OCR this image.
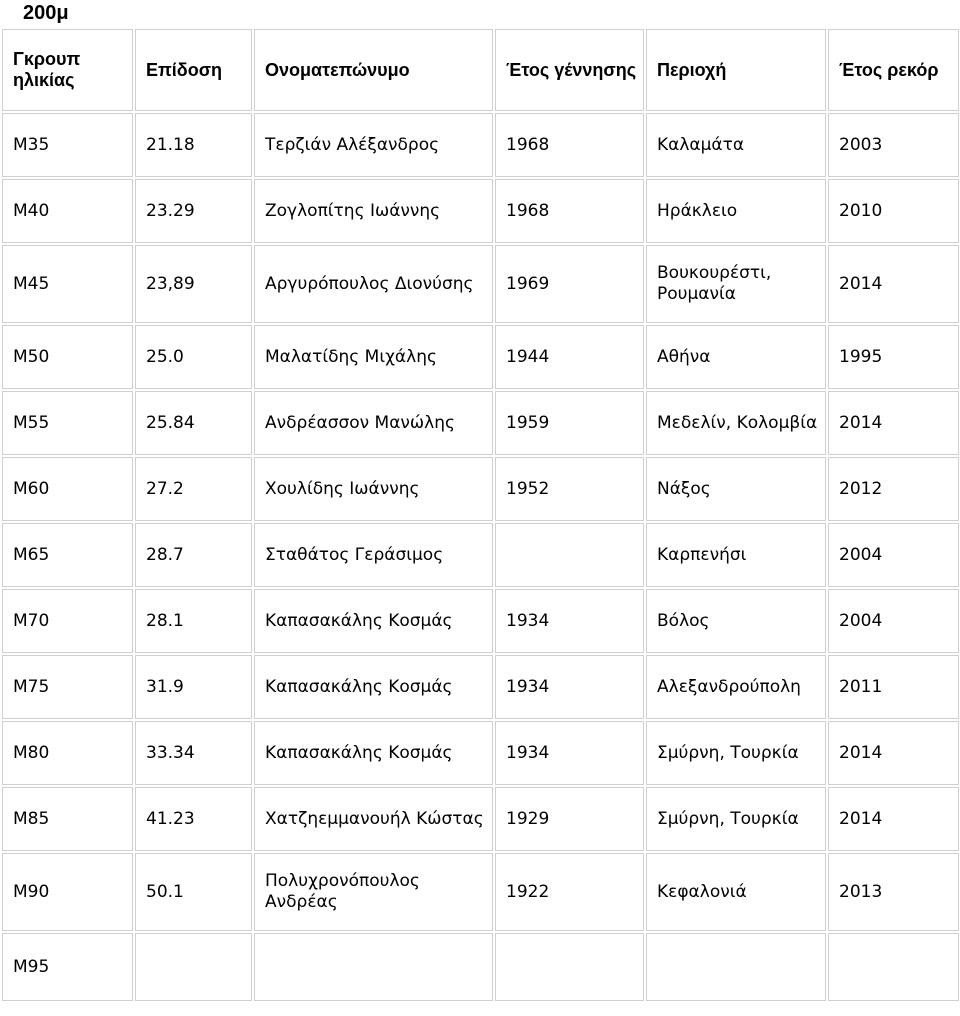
200μ
Γκρουπ ηλικίας	Επίδοση	Ονοματεπώνυμο	Έτος γέννησης	Περιοχή	Έτος ρεκόρ
Μ35	21.18	Τερζιάν Αλέξανδρος	1968	Καλαμάτα	2003
Μ40	23.29	Ζογλοπίτης Ιωάννης	1968	Ηράκλειο	2010
Μ45	23,89	Αργυρόπουλος Διονύσης	1969	Βουκουρέστι, Ρουμανία	2014
Μ50	25.0	Μαλατίδης Μιχάλης	1944	Αθήνα	1995
Μ55	25.84	Ανδρέασσον Μανώλης	1959	Μεδελίν, Κολομβία	2014
Μ60	27.2	Χουλίδης Ιωάννης	1952	Νάξος	2012
Μ65	28.7	Σταθάτος Γεράσιμος		Καρπενήσι	2004
Μ70	28.1	Καπασακάλης Κοσμάς	1934	Βόλος	2004
Μ75	31.9	Καπασακάλης Κοσμάς	1934	Αλεξανδρούπολη	2011
Μ80	33.34	Καπασακάλης Κοσμάς	1934	Σμύρνη, Τουρκία	2014
Μ85	41.23	Χατζηεμμανουήλ Κώστας	1929	Σμύρνη, Τουρκία	2014
Μ90	50.1	Πολυχρονόπουλος Ανδρέας	1922	Κεφαλονιά	2013
Μ95					
